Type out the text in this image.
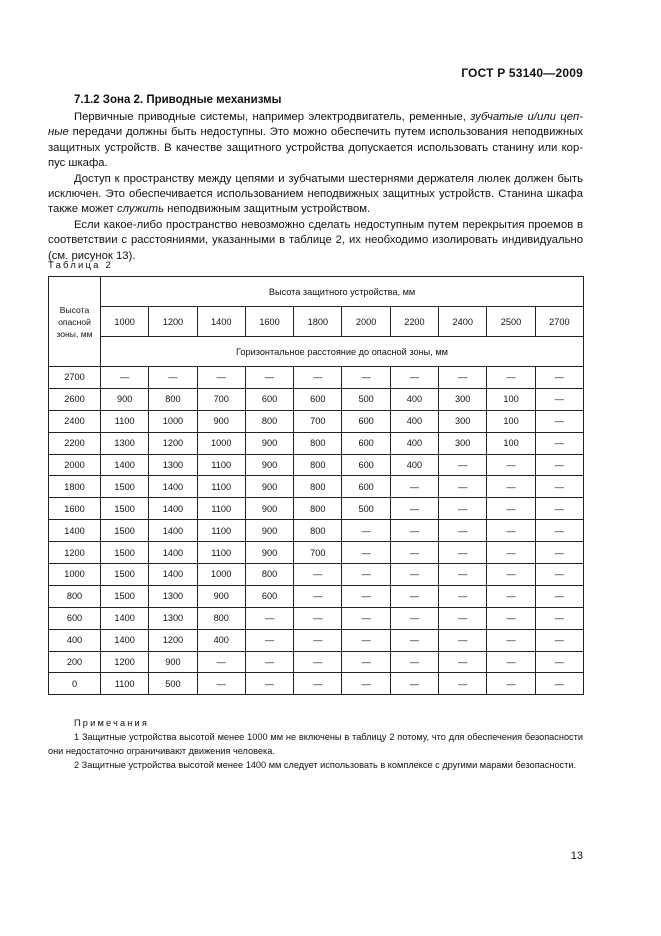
ГОСТ Р 53140—2009
7.1.2 Зона 2. Приводные механизмы

Первичные приводные системы, например электродвигатель, ременные, зубчатые и/или цепные передачи должны быть недоступны. Это можно обеспечить путем использования неподвижных защитных устройств. В качестве защитного устройства допускается использовать станину или корпус шкафа.

Доступ к пространству между цепями и зубчатыми шестернями держателя люлек должен быть исключен. Это обеспечивается использованием неподвижных защитных устройств. Станина шкафа также может служить неподвижным защитным устройством.

Если какое-либо пространство невозможно сделать недоступным путем перекрытия проемов в соответствии с расстояниями, указанными в таблице 2, их необходимо изолировать индивидуально (см. рисунок 13).

Таблица 2
Высота опасной зоны, мм	Высота защитного устройства, мм									
	1000	1200	1400	1600	1800	2000	2200	2400	2500	2700
	Горизонтальное расстояние до опасной зоны, мм									
2700	—	—	—	—	—	—	—	—	—	—
2600	900	800	700	600	600	500	400	300	100	—
2400	1100	1000	900	800	700	600	400	300	100	—
2200	1300	1200	1000	900	800	600	400	300	100	—
2000	1400	1300	1100	900	800	600	400	—	—	—
1800	1500	1400	1100	900	800	600	—	—	—	—
1600	1500	1400	1100	900	800	500	—	—	—	—
1400	1500	1400	1100	900	800	—	—	—	—	—
1200	1500	1400	1100	900	700	—	—	—	—	—
1000	1500	1400	1000	800	—	—	—	—	—	—
800	1500	1300	900	600	—	—	—	—	—	—
600	1400	1300	800	—	—	—	—	—	—	—
400	1400	1200	400	—	—	—	—	—	—	—
200	1200	900	—	—	—	—	—	—	—	—
0	1100	500	—	—	—	—	—	—	—	—
Примечания

1 Защитные устройства высотой менее 1000 мм не включены в таблицу 2 потому, что для обеспечения безопасности они недостаточно ограничивают движения человека.

2 Защитные устройства высотой менее 1400 мм следует использовать в комплексе с другими марами безопасности.

13
